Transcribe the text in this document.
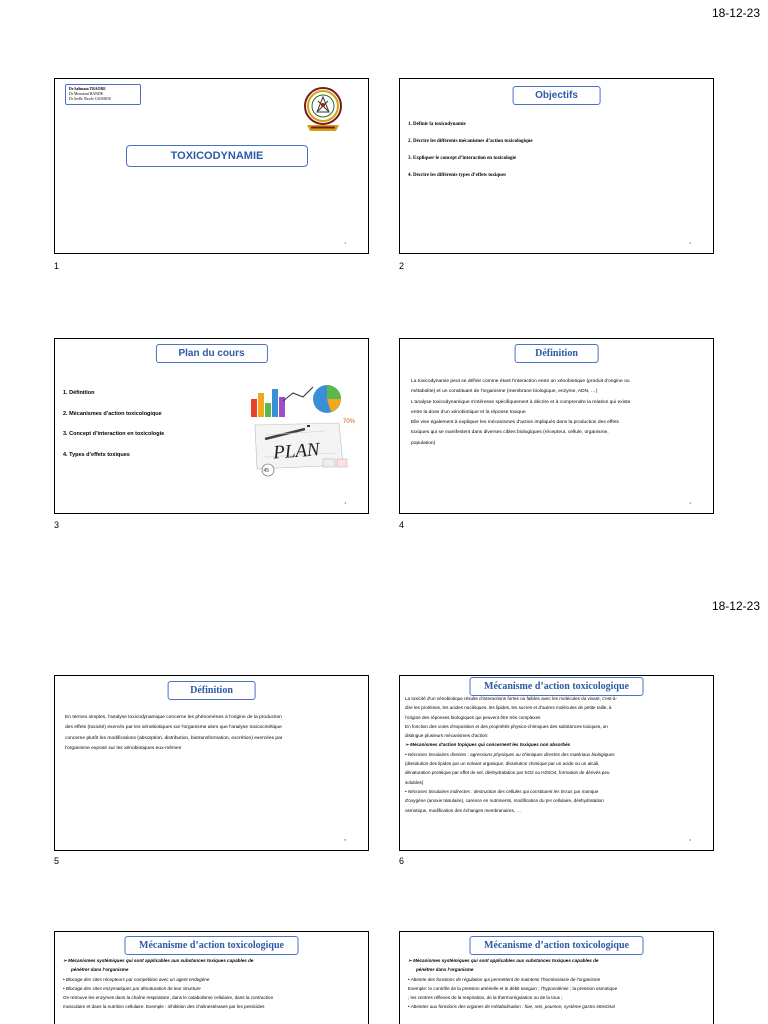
18-12-23
18-12-23
Dr Salimata TRAORE
Dr Moussoni BANDE
Dr Joelle Nicole GUISSOU
TOXICODYNAMIE
1
1
Objectifs
1. Définir la toxicodynamie
2. Décrire les différents mécanismes d’action toxicologique
3. Expliquer le concept d’interaction en toxicologie
4. Décrire les différents types d’effets toxiques
2
2
Plan du cours
1. Définition
2. Mécanismes d’action toxicologique
3. Concept d’interaction en toxicologie
4. Types d’effets toxiques	PLAN
70%
45
3
3
Définition
La toxicodynamie peut se définir comme étant l'interaction entre un xénobiotique (produit d'origine ou
métabolite) et un constituant de l'organisme (membrane biologique, enzyme, ADN, …)
L'analyse toxicodynamique s'intéresse spécifiquement à décrire et à comprendre la relation qui existe
entre la dose d'un xénobiotique et la réponse toxique
Elle vise également à expliquer les mécanismes d'action impliqués dans la production des effets
toxiques qui se manifestent dans diverses cibles biologiques (récepteur, cellule, organisme,
population)
4
4
Définition
En termes simples, l'analyse toxicodynamique concerne les phénomènes à l'origine de la production
des effets (toxicité) exercés par les xénobiotiques sur l'organisme alors que l'analyse toxicocinétique
concerne plutôt les modifications (absorption, distribution, biotransformation, excrétion) exercées par
l'organisme exposé sur les xénobiotiques eux-mêmes
5
5
Mécanisme d’action toxicologique
La toxicité d'un xénobiotique résulte d'interactions fortes ou faibles avec les molécules du vivant, c'est-à-
dire les protéines, les acides nucléiques, les lipides, les sucres et d'autres molécules de petite taille, à
l'origine des réponses biologiques qui peuvent être très complexes
En fonction des voies d'exposition et des propriétés physico-chimiques des substances toxiques, on
distingue plusieurs mécanismes d'action:
➢ Mécanismes d’action topiques qui concernent les toxiques non absorbés
• Nécroses tissulaires directes : agressions physiques ou chimiques directes des matériaux biologiques
(dissolution des lipides par un solvant organique, dissolution chimique par un acide ou un alcali,
dénaturation protéique par effet de sel, déshydratation par SO2 ou H2SO4, formation de dérivés peu
solubles)
• Nécroses tissulaires indirectes : destruction des cellules qui constituent les tissus par manque
d'oxygène (anoxie tissulaire), carence en nutriments, modification du pH cellulaire, déshydratation
osmotique, modification des échanges membranaires, …
6
6
Mécanisme d’action toxicologique
➢ Mécanismes systémiques qui sont applicables aux substances toxiques capables de
pénétrer dans l’organisme
• Blocage des sites récepteurs par compétition avec un agent endogène
• Blocage des sites enzymatiques par dénaturation de leur structure
On retrouve les enzymes dans la chaîne respiratoire, dans le catabolisme cellulaire, dans la contraction
musculaire et dans la nutrition cellulaire. Exemple : inhibition des cholinestérases par les pesticides
Mécanisme d’action toxicologique
➢ Mécanismes systémiques qui sont applicables aux substances toxiques capables de
pénétrer dans l’organisme
• Atteinte des fonctions de régulation qui permettent de maintenir l’homéostasie de l’organisme
Exemple: le contrôle de la pression artérielle et le débit sanguin ; l’hypovolémie ; la pression osmotique
; les centres réflexes de la respiration, de la thermorégulation ou de la toux ;
• Atteintes aux fonctions des organes de métabolisation : foie, rein, poumon, système gastro-intestinal
